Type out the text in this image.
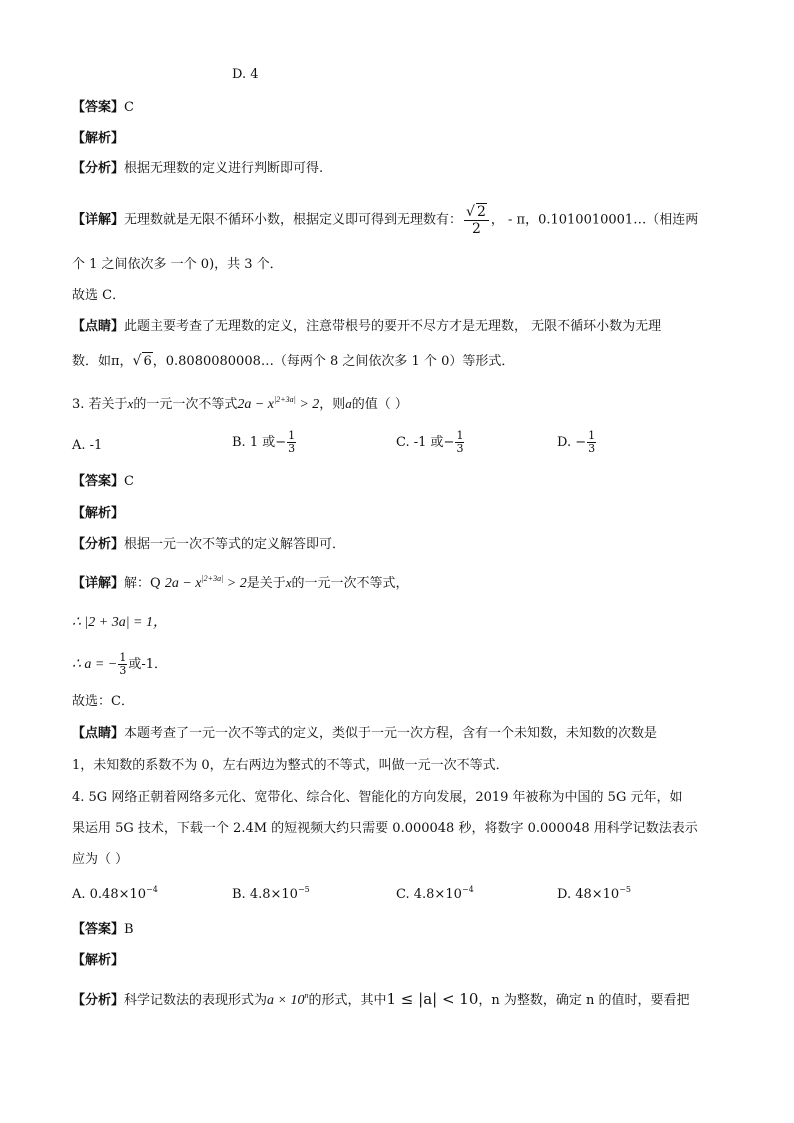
D. 4
【答案】C
【解析】
【分析】根据无理数的定义进行判断即可得.
【详解】无理数就是无限不循环小数，根据定义即可得到无理数有： $\frac{√ 2}{2}$ ， - π，0.1010010001…（相连两
个 1 之间依次多 一个 0)，共 3 个．
故选 C．
【点睛】此题主要考查了无理数的定义，注意带根号的要开不尽方才是无理数， 无限不循环小数为无理
数．如π，√ 6，0.8080080008…（每两个 8 之间依次多 1 个 0）等形式．
3. 若关于x的一元一次不等式$2a - x^{|2+3a|} > 2$，则a的值（ ）
A. -1	B. 1 或− $\frac{1}{3}$	C. -1 或− $\frac{1}{3}$	D. − $\frac{1}{3}$
【答案】C
【解析】
【分析】根据一元一次不等式的定义解答即可．
【详解】解：Q $2a - x^{|2+3a|} > 2$是关于x的一元一次不等式，
∴ |2 + 3a| = 1，
∴ a = − $\frac{1}{3}$ 或-1．
故选：C．
【点睛】本题考查了一元一次不等式的定义，类似于一元一次方程，含有一个未知数，未知数的次数是
1，未知数的系数不为 0，左右两边为整式的不等式，叫做一元一次不等式．
4. 5G 网络正朝着网络多元化、宽带化、综合化、智能化的方向发展，2019 年被称为中国的 5G 元年，如
果运用 5G 技术，下载一个 2.4M 的短视频大约只需要 0.000048 秒，将数字 0.000048 用科学记数法表示
应为（ ）
A. $0.48\times 10^{-4}$	B. $4.8\times 10^{-5}$	C. $4.8\times 10^{-4}$	D. $48\times 10^{-5}$
【答案】B
【解析】
【分析】科学记数法的表现形式为$a \times 10^n$的形式，其中1 ≤ |a| < 10，n 为整数，确定 n 的值时，要看把
